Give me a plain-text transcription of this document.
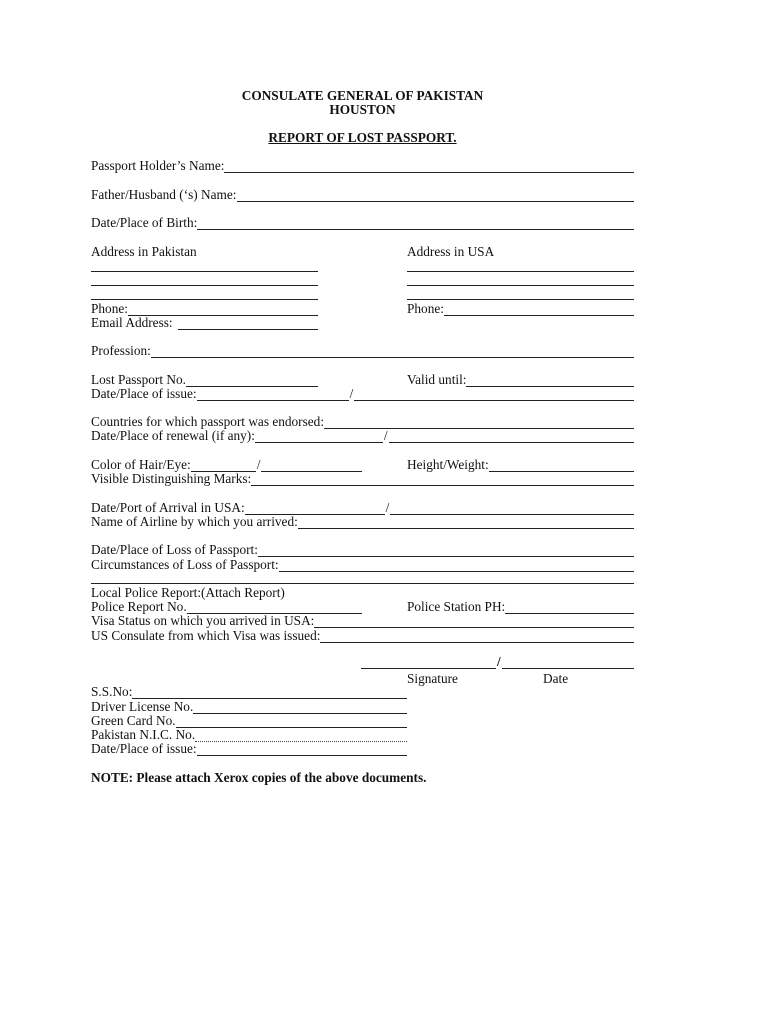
CONSULATE GENERAL OF PAKISTAN
HOUSTON
REPORT OF LOST PASSPORT.
Passport Holder’s Name:
Father/Husband (‘s) Name:
Date/Place of Birth:
Address in Pakistan	Address in USA
Phone:	Phone:
Email Address:
Profession:
Lost Passport No.	Valid until:
Date/Place of issue:	/
Countries for which passport was endorsed:
Date/Place of renewal (if any):	/
Color of Hair/Eye:	/	Height/Weight:
Visible Distinguishing Marks:
Date/Port of Arrival in USA:	/
Name of Airline by which you arrived:
Date/Place of Loss of Passport:
Circumstances of Loss of Passport:
Local Police Report:(Attach Report)
Police Report No.	Police Station PH:
Visa Status on which you arrived in USA:
US Consulate from which Visa was issued:
/
Signature	Date
S.S.No:
Driver License No.
Green Card No.
Pakistan N.I.C. No.
Date/Place of issue:
NOTE: Please attach Xerox copies of the above documents.
